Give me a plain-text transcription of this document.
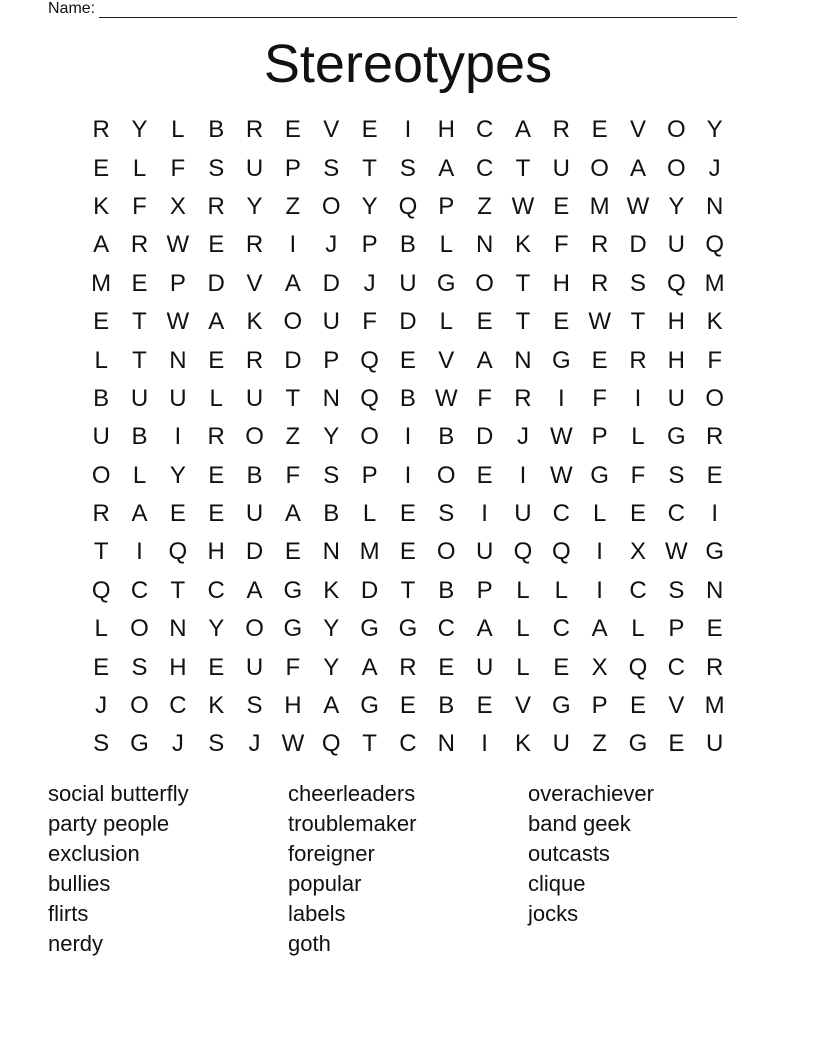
Name:
Stereotypes
R Y L B R E V E	I	H C A R E V O Y
E L	F S U P S T S A C T U O A O J
K F X R Y Z O Y Q P Z W E M W Y N
A R W E R	I	J	P B L N K F R D U Q
M E P D V A D J U G O T H R S Q M
E T W A K O U F D L E T E W T H K
L	T N E R D P Q E V A N G E R H F
B U U L U T N Q B W F R	I	F	I	U O
U B	I	R O Z Y O	I	B D J W P L G R
O L Y E B F S P	I	O E	I W G F S E
R A E E U A B L E S	I	U C L E C	I
T	I	Q H D E N M E O U Q Q	I	X W G
Q C T C A G K D T B P L	L	I	C S N
L O N Y O G Y G G C A L C A L P E
E S H E U F Y A R E U L E X Q C R
J O C K S H A G E B E V G P E V M
S G J	S	J W Q T C N	I	K U Z G E U
social butterfly
party people
exclusion
bullies
flirts
nerdy
cheerleaders
troublemaker
foreigner
popular
labels
goth
overachiever
band geek
outcasts
clique
jocks
